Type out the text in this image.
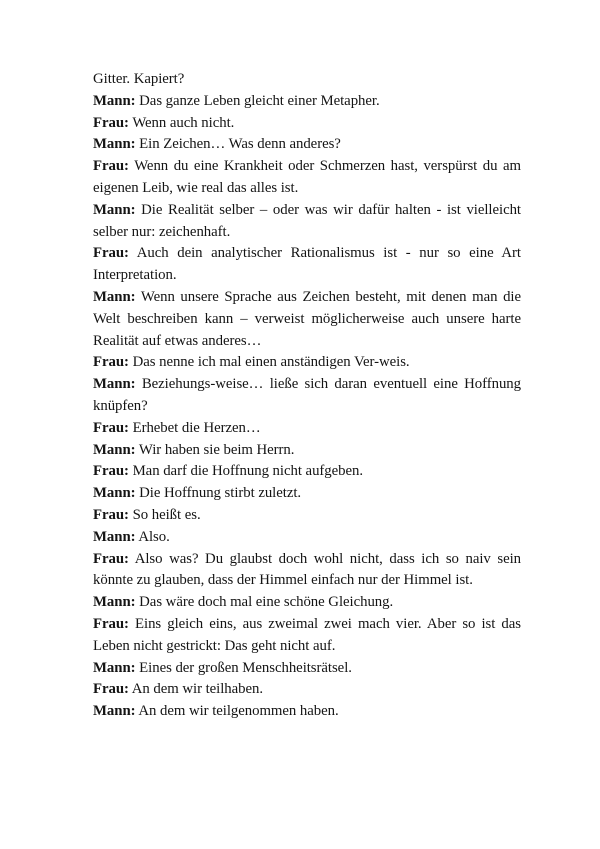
Gitter. Kapiert?

Mann: Das ganze Leben gleicht einer Metapher.

Frau: Wenn auch nicht.

Mann: Ein Zeichen… Was denn anderes?

Frau: Wenn du eine Krankheit oder Schmerzen hast, verspürst du am eigenen Leib, wie real das alles ist.

Mann: Die Realität selber – oder was wir dafür halten - ist vielleicht selber nur: zeichenhaft.

Frau: Auch dein analytischer Rationalismus ist - nur so eine Art Interpretation.

Mann: Wenn unsere Sprache aus Zeichen besteht, mit denen man die Welt beschreiben kann – verweist möglicherweise auch unsere harte Realität auf etwas anderes…

Frau: Das nenne ich mal einen anständigen Ver-weis.

Mann: Beziehungs-weise… ließe sich daran eventuell eine Hoffnung knüpfen?

Frau: Erhebet die Herzen…

Mann: Wir haben sie beim Herrn.

Frau: Man darf die Hoffnung nicht aufgeben.

Mann: Die Hoffnung stirbt zuletzt.

Frau: So heißt es.

Mann: Also.

Frau: Also was? Du glaubst doch wohl nicht, dass ich so naiv sein könnte zu glauben, dass der Himmel einfach nur der Himmel ist.

Mann: Das wäre doch mal eine schöne Gleichung.

Frau: Eins gleich eins, aus zweimal zwei mach vier. Aber so ist das Leben nicht gestrickt: Das geht nicht auf.

Mann: Eines der großen Menschheitsrätsel.

Frau: An dem wir teilhaben.

Mann: An dem wir teilgenommen haben.
